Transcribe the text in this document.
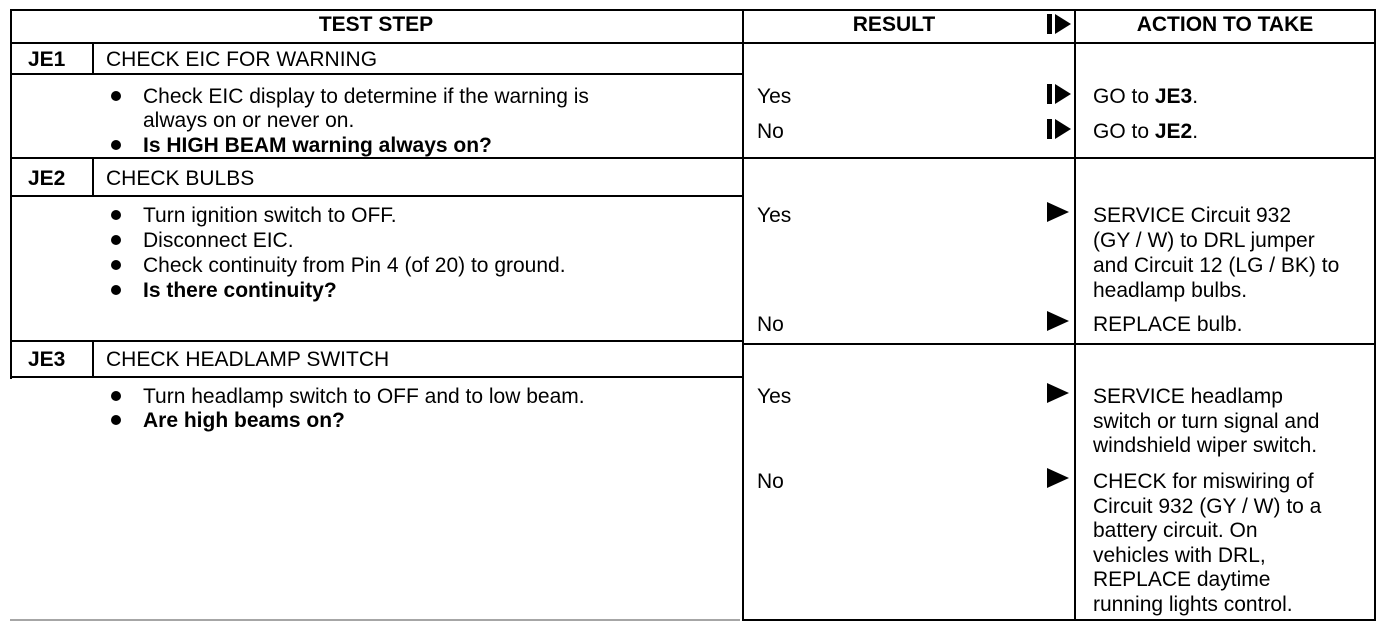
TEST STEP	RESULT	ACTION TO TAKE
JE1 CHECK EIC FOR WARNING
Check EIC display to determine if the warning is
always on or never on.
Is HIGH BEAM warning always on?
Yes	GO to JE3.
No	GO to JE2.
JE2 CHECK BULBS
Turn ignition switch to OFF.
Disconnect EIC.
Check continuity from Pin 4 (of 20) to ground.
Is there continuity?
Yes	SERVICE Circuit 932
(GY / W) to DRL jumper
and Circuit 12 (LG / BK) to
headlamp bulbs.
No	REPLACE bulb.
JE3 CHECK HEADLAMP SWITCH
Turn headlamp switch to OFF and to low beam.
Are high beams on?
Yes	SERVICE headlamp
switch or turn signal and
windshield wiper switch.
No	CHECK for miswiring of
Circuit 932 (GY / W) to a
battery circuit. On
vehicles with DRL,
REPLACE daytime
running lights control.
